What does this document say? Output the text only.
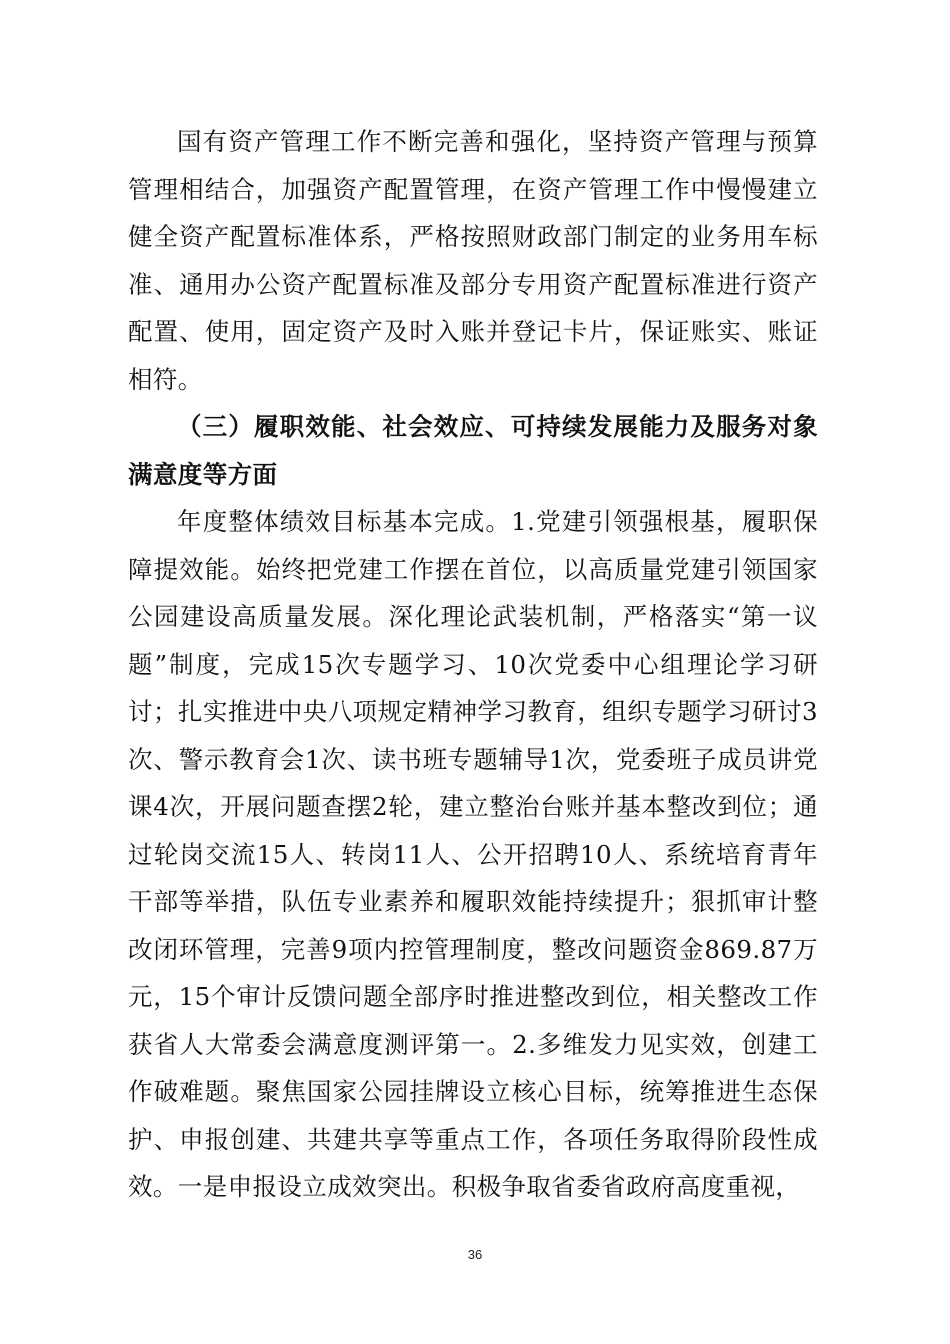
国有资产管理工作不断完善和强化，坚持资产管理与预算管理相结合，加强资产配置管理，在资产管理工作中慢慢建立健全资产配置标准体系，严格按照财政部门制定的业务用车标准、通用办公资产配置标准及部分专用资产配置标准进行资产配置、使用，固定资产及时入账并登记卡片，保证账实、账证相符。

（三）履职效能、社会效应、可持续发展能力及服务对象满意度等方面

年度整体绩效目标基本完成。1.党建引领强根基，履职保障提效能。始终把党建工作摆在首位，以高质量党建引领国家公园建设高质量发展。深化理论武装机制，严格落实“第一议题”制度，完成15次专题学习、10次党委中心组理论学习研讨；扎实推进中央八项规定精神学习教育，组织专题学习研讨3次、警示教育会1次、读书班专题辅导1次，党委班子成员讲党课4次，开展问题查摆2轮，建立整治台账并基本整改到位；通过轮岗交流15人、转岗11人、公开招聘10人、系统培育青年干部等举措，队伍专业素养和履职效能持续提升；狠抓审计整改闭环管理，完善9项内控管理制度，整改问题资金869.87万元，15个审计反馈问题全部序时推进整改到位，相关整改工作获省人大常委会满意度测评第一。2.多维发力见实效，创建工作破难题。聚焦国家公园挂牌设立核心目标，统筹推进生态保护、申报创建、共建共享等重点工作，各项任务取得阶段性成效。一是申报设立成效突出。积极争取省委省政府高度重视，

36
